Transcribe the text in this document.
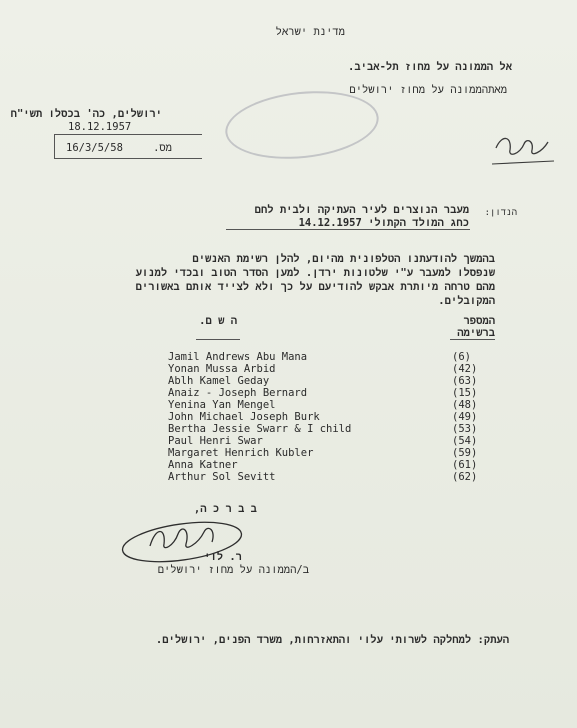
מדינת ישראל
אל הממונה על מחוז תל-אביב.
מאתהממונה על מחוז ירושלים
ירושלים, כה' בכסלו תשי"ח
18.12.1957
16/3/5/58	מס.
הנדון:
מעבר הנוצרים לעיר העתיקה ולבית לחם
כחג המולד הקתולי 14.12.1957
בהמשך להודעתנו הטלפונית מהיום, להלן רשימת האנשים
שנפסלו למעבר ע"י שלטונות ירדן. למען הסדר הטוב ובכדי למנוע
מהם טרחה מיותרת אבקש להודיעם על כך ולא לצייד אותם באשורים
המקובלים.
המספר
ברשימה
ה ש ם.
Jamil Andrews Abu Mana	(6)
Yonan Mussa Arbid	(42)
Ablh Kamel Geday	(63)
Anaiz - Joseph Bernard	(15)
Yenina Yan Mengel	(48)
John Michael Joseph Burk	(49)
Bertha Jessie Swarr & I child	(53)
Paul Henri Swar	(54)
Margaret Henrich Kubler	(59)
Anna Katner	(61)
Arthur Sol Sevitt	(62)
ב ב ר כ ה,
ר. לוי
ב/הממונה על מחוז ירושלים
העתק: למחלקה לשרותי עלוי והתאזרחות, משרד הפנים, ירושלים.
